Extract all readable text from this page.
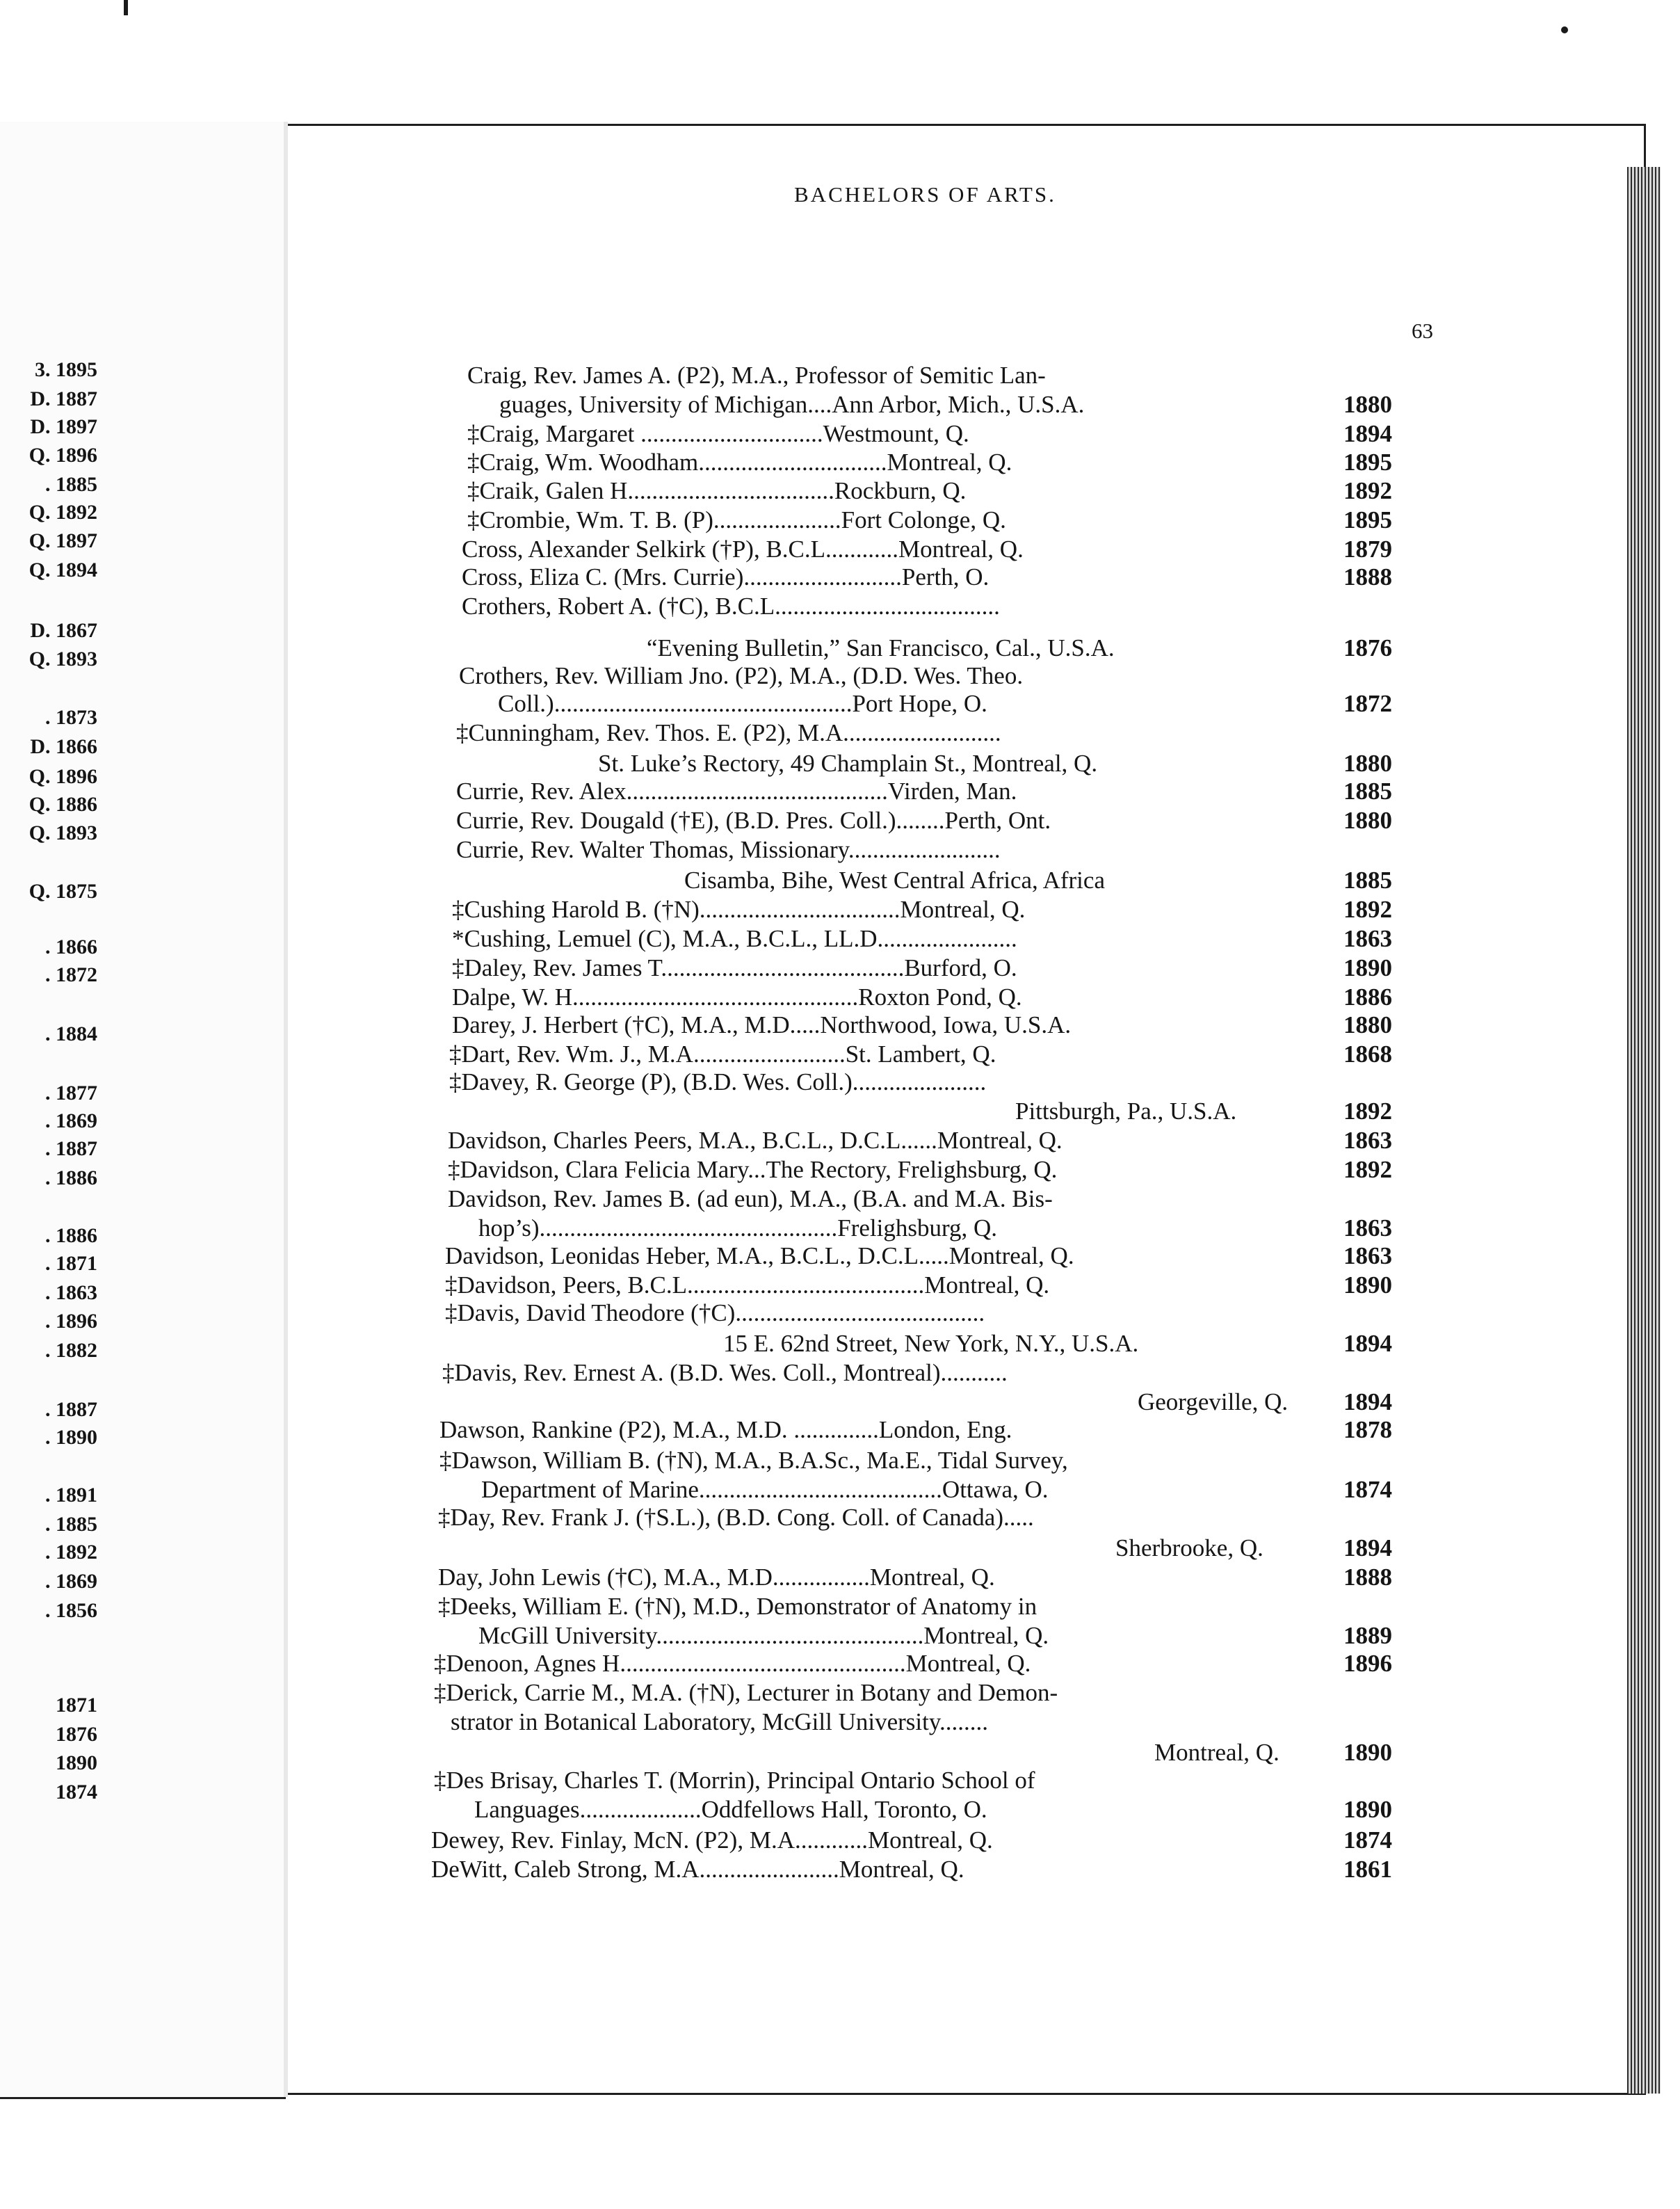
3. 1895
D. 1887
D. 1897
Q. 1896
. 1885
Q. 1892
Q. 1897
Q. 1894
D. 1867
Q. 1893
. 1873
D. 1866
Q. 1896
Q. 1886
Q. 1893
Q. 1875
. 1866
. 1872
. 1884
. 1877
. 1869
. 1887
. 1886
. 1886
. 1871
. 1863
. 1896
. 1882
. 1887
. 1890
. 1891
. 1885
. 1892
. 1869
. 1856
1871
1876
1890
1874
BACHELORS OF ARTS.
63
Craig, Rev. James A. (P2), M.A., Professor of Semitic Lan-
guages, University of Michigan....Ann Arbor, Mich., U.S.A.	1880
‡Craig, Margaret ..............................Westmount, Q.	1894
‡Craig, Wm. Woodham...............................Montreal, Q.	1895
‡Craik, Galen H..................................Rockburn, Q.	1892
‡Crombie, Wm. T. B. (P).....................Fort Colonge, Q.	1895
Cross, Alexander Selkirk (†P), B.C.L............Montreal, Q.	1879
Cross, Eliza C. (Mrs. Currie)..........................Perth, O.	1888
Crothers, Robert A. (†C), B.C.L.....................................
“Evening Bulletin,” San Francisco, Cal., U.S.A.	1876
Crothers, Rev. William Jno. (P2), M.A., (D.D. Wes. Theo.
Coll.).................................................Port Hope, O.	1872
‡Cunningham, Rev. Thos. E. (P2), M.A..........................
St. Luke’s Rectory, 49 Champlain St., Montreal, Q.	1880
Currie, Rev. Alex...........................................Virden, Man.	1885
Currie, Rev. Dougald (†E), (B.D. Pres. Coll.)........Perth, Ont.	1880
Currie, Rev. Walter Thomas, Missionary.........................
Cisamba, Bihe, West Central Africa, Africa	1885
‡Cushing Harold B. (†N).................................Montreal, Q.	1892
*Cushing, Lemuel (C), M.A., B.C.L., LL.D.......................	1863
‡Daley, Rev. James T........................................Burford, O.	1890
Dalpe, W. H...............................................Roxton Pond, Q.	1886
Darey, J. Herbert (†C), M.A., M.D.....Northwood, Iowa, U.S.A.	1880
‡Dart, Rev. Wm. J., M.A.........................St. Lambert, Q.	1868
‡Davey, R. George (P), (B.D. Wes. Coll.)......................
Pittsburgh, Pa., U.S.A.	1892
Davidson, Charles Peers, M.A., B.C.L., D.C.L......Montreal, Q.	1863
‡Davidson, Clara Felicia Mary...The Rectory, Frelighsburg, Q.	1892
Davidson, Rev. James B. (ad eun), M.A., (B.A. and M.A. Bis-
hop’s).................................................Frelighsburg, Q.	1863
Davidson, Leonidas Heber, M.A., B.C.L., D.C.L.....Montreal, Q.	1863
‡Davidson, Peers, B.C.L.......................................Montreal, Q.	1890
‡Davis, David Theodore (†C).........................................
15 E. 62nd Street, New York, N.Y., U.S.A.	1894
‡Davis, Rev. Ernest A. (B.D. Wes. Coll., Montreal)...........
Georgeville, Q.	1894
Dawson, Rankine (P2), M.A., M.D. ..............London, Eng.	1878
‡Dawson, William B. (†N), M.A., B.A.Sc., Ma.E., Tidal Survey,
Department of Marine........................................Ottawa, O.	1874
‡Day, Rev. Frank J. (†S.L.), (B.D. Cong. Coll. of Canada).....
Sherbrooke, Q.	1894
Day, John Lewis (†C), M.A., M.D................Montreal, Q.	1888
‡Deeks, William E. (†N), M.D., Demonstrator of Anatomy in
McGill University............................................Montreal, Q.	1889
‡Denoon, Agnes H...............................................Montreal, Q.	1896
‡Derick, Carrie M., M.A. (†N), Lecturer in Botany and Demon-
strator in Botanical Laboratory, McGill University........
Montreal, Q.	1890
‡Des Brisay, Charles T. (Morrin), Principal Ontario School of
Languages....................Oddfellows Hall, Toronto, O.	1890
Dewey, Rev. Finlay, McN. (P2), M.A............Montreal, Q.	1874
DeWitt, Caleb Strong, M.A.......................Montreal, Q.	1861
